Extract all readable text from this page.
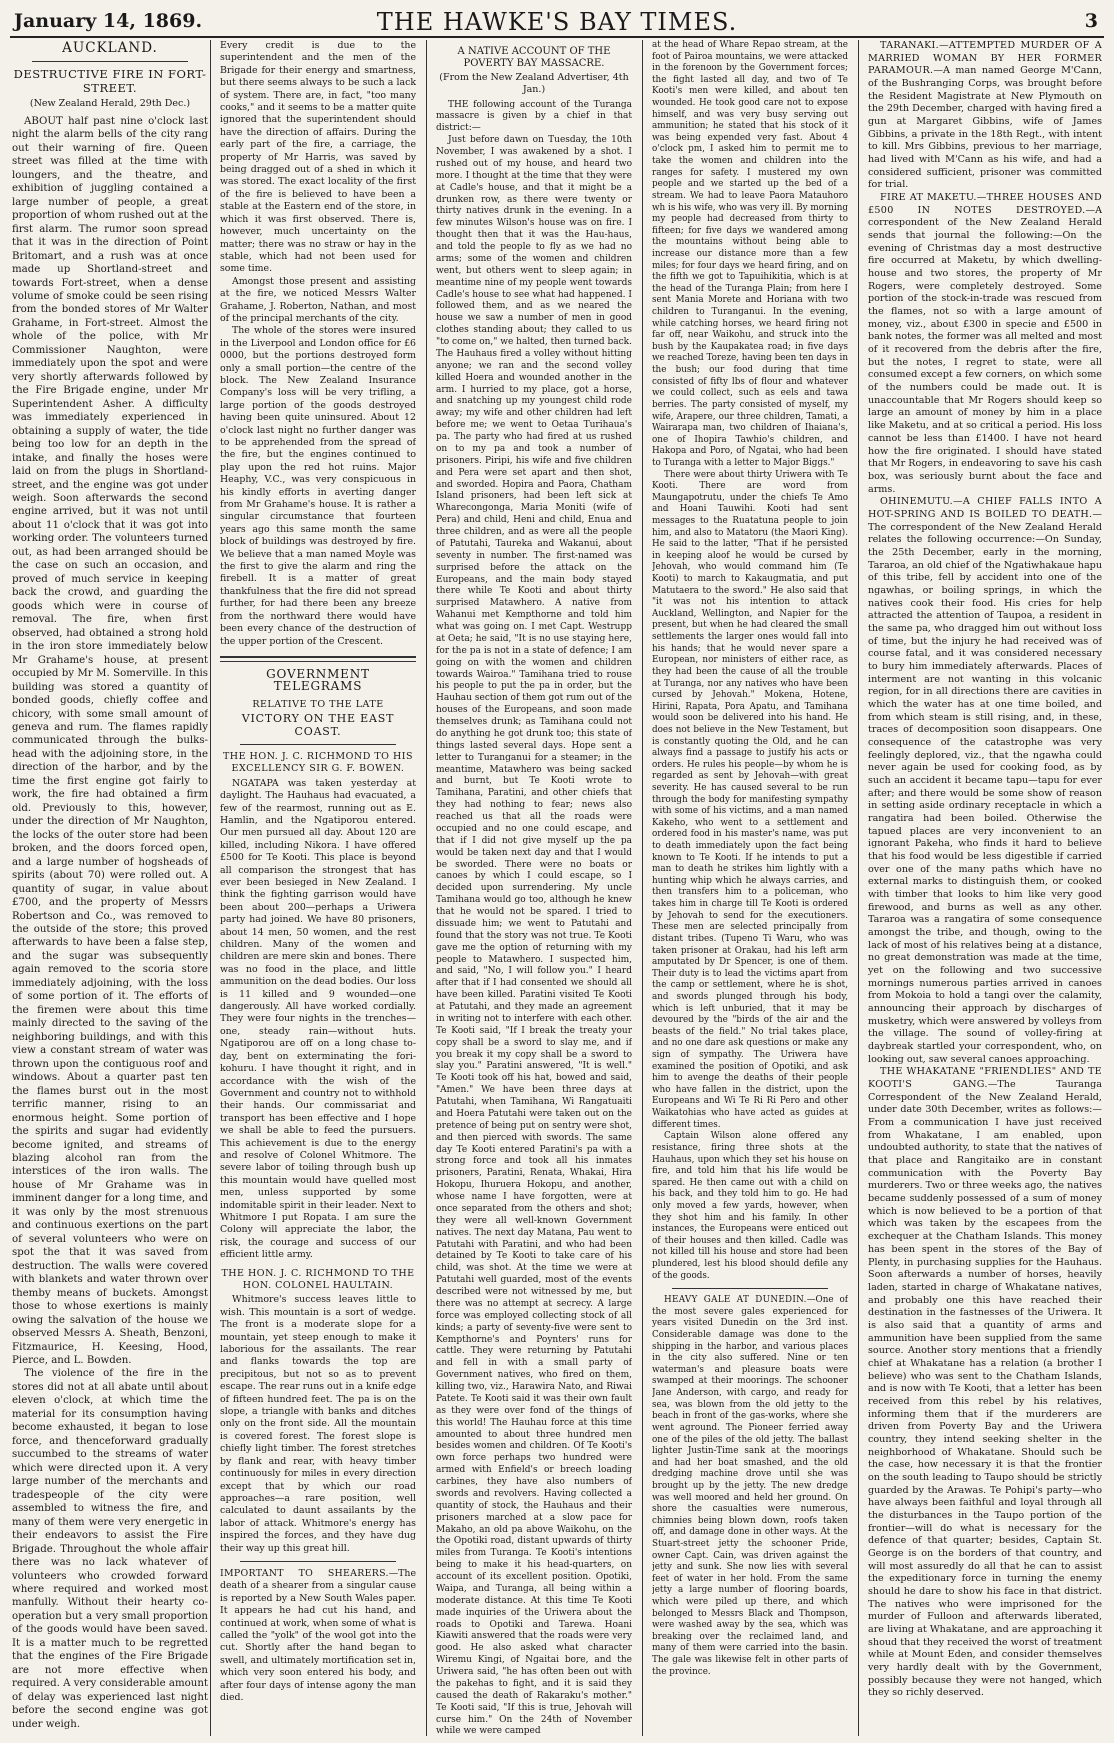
January 14, 1869.	THE HAWKE'S BAY TIMES.	3
AUCKLAND.
DESTRUCTIVE FIRE IN FORT-STREET.
(New Zealand Herald, 29th Dec.)

ABOUT half past nine o'clock last night the alarm bells of the city rang out their warning of fire. Queen street was filled at the time with loungers, and the theatre, and exhibition of juggling contained a large number of people, a great proportion of whom rushed out at the first alarm. The rumor soon spread that it was in the direction of Point Britomart, and a rush was at once made up Shortland-street and towards Fort-street, when a dense volume of smoke could be seen rising from the bonded stores of Mr Walter Grahame, in Fort-street. Almost the whole of the police, with Mr Commissioner Naughton, were immediately upon the spot and were very shortly afterwards followed by the Fire Brigade engine, under Mr Superintendent Asher. A difficulty was immediately experienced in obtaining a supply of water, the tide being too low for an depth in the intake, and finally the hoses were laid on from the plugs in Shortland-street, and the engine was got under weigh. Soon afterwards the second engine arrived, but it was not until about 11 o'clock that it was got into working order. The volunteers turned out, as had been arranged should be the case on such an occasion, and proved of much service in keeping back the crowd, and guarding the goods which were in course of removal. The fire, when first observed, had obtained a strong hold in the iron store immediately below Mr Grahame's house, at present occupied by Mr M. Somerville. In this building was stored a quantity of bonded goods, chiefly coffee and chicory, with some small amount of geneva and rum. The flames rapidly communicated through the bulks-head with the adjoining store, in the direction of the harbor, and by the time the first engine got fairly to work, the fire had obtained a firm old. Previously to this, however, under the direction of Mr Naughton, the locks of the outer store had been broken, and the doors forced open, and a large number of hogsheads of spirits (about 70) were rolled out. A quantity of sugar, in value about £700, and the property of Messrs Robertson and Co., was removed to the outside of the store; this proved afterwards to have been a false step, and the sugar was subsequently again removed to the scoria store immediately adjoining, with the loss of some portion of it. The efforts of the firemen were about this time mainly directed to the saving of the neighboring buildings, and with this view a constant stream of water was thrown upon the contiguous roof and windows. About a quarter past ten the flames burst out in the most terrific manner, rising to an enormous height. Some portion of the spirits and sugar had evidently become ignited, and streams of blazing alcohol ran from the interstices of the iron walls. The house of Mr Grahame was in imminent danger for a long time, and it was only by the most strenuous and continuous exertions on the part of several volunteers who were on spot the that it was saved from destruction. The walls were covered with blankets and water thrown over themby means of buckets. Amongst those to whose exertions is mainly owing the salvation of the house we observed Messrs A. Sheath, Benzoni, Fitzmaurice, H. Keesing, Hood, Pierce, and L. Bowden.

The violence of the fire in the stores did not at all abate until about eleven o'clock, at which time the material for its consumption having become exhausted, it began to lose force, and thenceforward gradually succumbed to the streams of water which were directed upon it. A very large number of the merchants and tradespeople of the city were assembled to witness the fire, and many of them were very energetic in their endeavors to assist the Fire Brigade. Throughout the whole affair there was no lack whatever of volunteers who crowded forward where required and worked most manfully. Without their hearty co-operation but a very small proportion of the goods would have been saved. It is a matter much to be regretted that the engines of the Fire Brigade are not more effective when required. A very considerable amount of delay was experienced last night before the second engine was got under weigh.

Every credit is due to the superintendent and the men of the Brigade for their energy and smartness, but there seems always to be such a lack of system. There are, in fact, "too many cooks," and it seems to be a matter quite ignored that the superintendent should have the direction of affairs. During the early part of the fire, a carriage, the property of Mr Harris, was saved by being dragged out of a shed in which it was stored. The exact locality of the first of the fire is believed to have been a stable at the Eastern end of the store, in which it was first observed. There is, however, much uncertainty on the matter; there was no straw or hay in the stable, which had not been used for some time.

Amongst those present and assisting at the fire, we noticed Messrs Walter Grahame, J. Roberton, Nathan, and most of the principal merchants of the city.

The whole of the stores were insured in the Liverpool and London office for £6 0000, but the portions destroyed form only a small portion—the centre of the block. The New Zealand Insurance Company's loss will be very trifling, a large portion of the goods destroyed having been quite uninsured. About 12 o'clock last night no further danger was to be apprehended from the spread of the fire, but the engines continued to play upon the red hot ruins. Major Heaphy, V.C., was very conspicuous in his kindly efforts in averting danger from Mr Grahame's house. It is rather a singular circumstance that fourteen years ago this same month the same block of buildings was destroyed by fire. We believe that a man named Moyle was the first to give the alarm and ring the firebell. It is a matter of great thankfulness that the fire did not spread further, for had there been any breeze from the northward there would have been every chance of the destruction of the upper portion of the Crescent.

GOVERNMENT TELEGRAMS
RELATIVE TO THE LATE
VICTORY ON THE EAST COAST.
THE HON. J. C. RICHMOND TO HIS EXCELLENCY SIR G. F. BOWEN.

NGATAPA was taken yesterday at daylight. The Hauhaus had evacuated, a few of the rearmost, running out as E. Hamlin, and the Ngatiporou entered. Our men pursued all day. About 120 are killed, including Nikora. I have offered £500 for Te Kooti. This place is beyond all comparison the strongest that has ever been besieged in New Zealand. I think the fighting garrison would have been about 200—perhaps a Uriwera party had joined. We have 80 prisoners, about 14 men, 50 women, and the rest children. Many of the women and children are mere skin and bones. There was no food in the place, and little ammunition on the dead bodies. Our loss is 11 killed and 9 wounded—one dangerously. All have worked cordially. They were four nights in the trenches—one, steady rain—without huts. Ngatiporou are off on a long chase to-day, bent on exterminating the fori-kohuru. I have thought it right, and in accordance with the wish of the Government and country not to withhold their hands. Our commissariat and transport has been effective and I hope we shall be able to feed the pursuers. This achievement is due to the energy and resolve of Colonel Whitmore. The severe labor of toiling through bush up this mountain would have quelled most men, unless supported by some indomitable spirit in their leader. Next to Whitmore I put Ropata. I am sure the Colony will appreciate the labor, the risk, the courage and success of our efficient little army.

THE HON. J. C. RICHMOND TO THE HON. COLONEL HAULTAIN.

Whitmore's success leaves little to wish. This mountain is a sort of wedge. The front is a moderate slope for a mountain, yet steep enough to make it laborious for the assailants. The rear and flanks towards the top are precipitous, but not so as to prevent escape. The rear runs out in a knife edge of fifteen hundred feet. The pa is on the slope, a triangle with banks and ditches only on the front side. All the mountain is covered forest. The forest slope is chiefly light timber. The forest stretches by flank and rear, with heavy timber continuously for miles in every direction except that by which our road approaches—a rare position, well calculated to daunt assailants by the labor of attack. Whitmore's energy has inspired the forces, and they have dug their way up this great hill.

IMPORTANT TO SHEARERS.—The death of a shearer from a singular cause is reported by a New South Wales paper. It appears he had cut his hand, and continued at work, when some of what is called the "yolk" of the wool got into the cut. Shortly after the hand began to swell, and ultimately mortification set in, which very soon entered his body, and after four days of intense agony the man died.

A NATIVE ACCOUNT OF THE POVERTY BAY MASSACRE.
(From the New Zealand Advertiser, 4th Jan.)

THE following account of the Turanga massacre is given by a chief in that district:—

Just before dawn on Tuesday, the 10th November, I was awakened by a shot. I rushed out of my house, and heard two more. I thought at the time that they were at Cadle's house, and that it might be a drunken row, as there were twenty or thirty natives drunk in the evening. In a few minutes Wilson's house was on fire. I thought then that it was the Hau-haus, and told the people to fly as we had no arms; some of the women and children went, but others went to sleep again; in meantime nine of my people went towards Cadle's house to see what had happened. I followed them, and as we neared the house we saw a number of men in good clothes standing about; they called to us "to come on," we halted, then turned back. The Hauhaus fired a volley without hitting anyone; we ran and the second volley killed Hoera and wounded another in the arm. I hurried to my place, got a horse, and snatching up my youngest child rode away; my wife and other children had left before me; we went to Oetaa Turihaua's pa. The party who had fired at us rushed on to my pa and took a number of prisoners. Piripi, his wife and five children and Pera were set apart and then shot, and sworded. Hopira and Paora, Chatham Island prisoners, had been left sick at Wharecongonga, Maria Moniti (wife of Pera) and child, Heni and child, Enua and three children, and as were all the people of Patutahi, Taureka and Wakanui, about seventy in number. The first-named was surprised before the attack on the Europeans, and the main body stayed there while Te Kooti and about thirty surprised Matawhero. A native from Wahanui met Kempthorne and told him what was going on. I met Capt. Westrupp at Oeta; he said, "It is no use staying here, for the pa is not in a state of defence; I am going on with the women and children towards Wairoa." Tamihana tried to rouse his people to put the pa in order, but the Hauhau section of them got rum out of the houses of the Europeans, and soon made themselves drunk; as Tamihana could not do anything he got drunk too; this state of things lasted several days. Hope sent a letter to Turanganui for a steamer; in the meantime, Matawhero was being sacked and burnt, but Te Kooti wrote to Tamihana, Paratini, and other chiefs that they had nothing to fear; news also reached us that all the roads were occupied and no one could escape, and that if I did not give myself up the pa would be taken next day and that I would be sworded. There were no boats or canoes by which I could escape, so I decided upon surrendering. My uncle Tamihana would go too, although he knew that he would not be spared. I tried to dissuade him; we went to Patutahi and found that the story was not true. Te Kooti gave me the option of returning with my people to Matawhero. I suspected him, and said, "No, I will follow you." I heard after that if I had consented we should all have been killed. Paratini visited Te Kooti at Patutahi, and they made an agreement in writing not to interfere with each other. Te Kooti said, "If I break the treaty your copy shall be a sword to slay me, and if you break it my copy shall be a sword to slay you." Paratini answered, "It is well." Te Kooti took off his hat, bowed and said, "Amen." We have been three days at Patutahi, when Tamihana, Wi Rangatuaiti and Hoera Patutahi were taken out on the pretence of being put on sentry were shot, and then pierced with swords. The same day Te Kooti entered Paratini's pa with a strong force and took all his inmates prisoners, Paratini, Renata, Whakai, Hira Hokopu, Ihuruera Hokopu, and another, whose name I have forgotten, were at once separated from the others and shot; they were all well-known Government natives. The next day Matana, Pau went to Patutahi with Paratini, and who had been detained by Te Kooti to take care of his child, was shot. At the time we were at Patutahi well guarded, most of the events described were not witnessed by me, but there was no attempt at secrecy. A large force was employed collecting stock of all kinds; a party of seventy-five were sent to Kempthorne's and Poynters' runs for cattle. They were returning by Patutahi and fell in with a small party of Government natives, who fired on them, killing two, viz., Harawira Nato, and Riwai Patete. Te Kooti said it was their own fault as they were over fond of the things of this world! The Hauhau force at this time amounted to about three hundred men besides women and children. Of Te Kooti's own force perhaps two hundred were armed with Enfield's or breech loading carbines, they have also numbers of swords and revolvers. Having collected a quantity of stock, the Hauhaus and their prisoners marched at a slow pace for Makaho, an old pa above Waikohu, on the the Opotiki road, distant upwards of thirty miles from Turanga. Te Kooti's intentions being to make it his head-quarters, on account of its excellent position. Opotiki, Waipa, and Turanga, all being within a moderate distance. At this time Te Kooti made inquiries of the Uriwera about the roads to Opotiki and Tarewa. Hoani Kiawiti answered that the roads were very good. He also asked what character Wiremu Kingi, of Ngaitai bore, and the Uriwera said, "he has often been out with the pakehas to fight, and it is said they caused the death of Rakaraku's mother." Te Kooti said, "If this is true, Jehovah will curse him." On the 24th of November while we were camped

at the head of Whare Repao stream, at the foot of Pairoa mountains, we were attacked in the forenoon by the Government forces; the fight lasted all day, and two of Te Kooti's men were killed, and about ten wounded. He took good care not to expose himself, and was very busy serving out ammunition; he stated that his stock of it was being expended very fast. About 4 o'clock pm, I asked him to permit me to take the women and children into the ranges for safety. I mustered my own people and we started up the bed of a stream. We had to leave Paora Matauhoro wh is his wife, who was very ill. By morning my people had decreased from thirty to fifteen; for five days we wandered among the mountains without being able to increase our distance more than a few miles; for four days we heard firing, and on the fifth we got to Tapuihikitia, which is at the head of the Turanga Plain; from here I sent Mania Morete and Horiana with two children to Turanganui. In the evening, while catching horses, we heard firing not far off, near Waikohu, and struck into the bush by the Kaupakatea road; in five days we reached Toreze, having been ten days in the bush; our food during that time consisted of fifty lbs of flour and whatever we could collect, such as eels and tawa berries. The party consisted of myself, my wife, Arapere, our three children, Tamati, a Wairarapa man, two children of Ihaiana's, one of Ihopira Tawhio's children, and Hakopa and Poro, of Ngatai, who had been to Turanga with a letter to Major Biggs."

There were about thirty Uriwera with Te Kooti. There are word from Maungapotrutu, under the chiefs Te Amo and Hoani Tauwihi. Kooti had sent messages to the Ruatatuna people to join him, and also to Matatoru (the Maori King). He said to the latter, "That if he persisted in keeping aloof he would be cursed by Jehovah, who would command him (Te Kooti) to march to Kakaugmatia, and put Matutaera to the sword." He also said that "it was not his intention to attack Auckland, Wellington, and Napier for the present, but when he had cleared the small settlements the larger ones would fall into his hands; that he would never spare a European, nor ministers of either race, as they had been the cause of all the trouble at Turanga, nor any natives who have been cursed by Jehovah." Mokena, Hotene, Hirini, Rapata, Pora Apatu, and Tamihana would soon be delivered into his hand. He does not believe in the New Testament, but is constantly quoting the Old, and he can always find a passage to justify his acts or orders. He rules his people—by whom he is regarded as sent by Jehovah—with great severity. He has caused several to be run through the body for manifesting sympathy with some of his victims, and a man named Kakeho, who went to a settlement and ordered food in his master's name, was put to death immediately upon the fact being known to Te Kooti. If he intends to put a man to death he strikes him lightly with a hunting whip which he always carries, and then transfers him to a policeman, who takes him in charge till Te Kooti is ordered by Jehovah to send for the executioners. These men are selected principally from distant tribes. (Tupeno Ti Waru, who was taken prisoner at Orakau, had his left arm amputated by Dr Spencer, is one of them. Their duty is to lead the victims apart from the camp or settlement, where he is shot, and swords plunged through his body, which is left unburied, that it may be devoured by the "birds of the air and the beasts of the field." No trial takes place, and no one dare ask questions or make any sign of sympathy. The Uriwera have examined the position of Opotiki, and ask him to avenge the deaths of their people who have fallen in the district, upon the Europeans and Wi Te Ri Ri Pero and other Waikatohias who have acted as guides at different times.

Captain Wilson alone offered any resistance, firing three shots at the Hauhaus, upon which they set his house on fire, and told him that his life would be spared. He then came out with a child on his back, and they told him to go. He had only moved a few yards, however, when they shot him and his family. In other instances, the Europeans were enticed out of their houses and then killed. Cadle was not killed till his house and store had been plundered, lest his blood should defile any of the goods.

HEAVY GALE AT DUNEDIN.—One of the most severe gales experienced for years visited Dunedin on the 3rd inst. Considerable damage was done to the shipping in the harbor, and various places in the city also suffered. Nine or ten waterman's and pleasure boats were swamped at their moorings. The schooner Jane Anderson, with cargo, and ready for sea, was blown from the old jetty to the beach in front of the gas-works, where she went aground. The Pioneer ferried away one of the piles of the old jetty. The ballast lighter Justin-Time sank at the moorings and had her boat smashed, and the old dredging machine drove until she was brought up by the jetty. The new dredge was well moored and held her ground. On shore the casualties were numerous, chimnies being blown down, roofs taken off, and damage done in other ways. At the Stuart-street jetty the schooner Pride, owner Capt. Cain, was driven against the jetty and sunk. She now lies with several feet of water in her hold. From the same jetty a large number of flooring boards, which were piled up there, and which belonged to Messrs Black and Thompson, were washed away by the sea, which was breaking over the reclaimed land, and many of them were carried into the basin. The gale was likewise felt in other parts of the province.

TARANAKI.—ATTEMPTED MURDER OF A MARRIED WOMAN BY HER FORMER PARAMOUR.—A man named George M'Cann, of the Bushranging Corps, was brought before the Resident Magistrate at New Plymouth on the 29th December, charged with having fired a gun at Margaret Gibbins, wife of James Gibbins, a private in the 18th Regt., with intent to kill. Mrs Gibbins, previous to her marriage, had lived with M'Cann as his wife, and had a considered sufficient, prisoner was committed for trial.

FIRE AT MAKETU.—THREE HOUSES AND £500 IN NOTES DESTROYED.—A correspondent of the New Zealand Herald sends that journal the following:—On the evening of Christmas day a most destructive fire occurred at Maketu, by which dwelling-house and two stores, the property of Mr Rogers, were completely destroyed. Some portion of the stock-in-trade was rescued from the flames, not so with a large amount of money, viz., about £300 in specie and £500 in bank notes, the former was all melted and most of it recovered from the debris after the fire, but the notes, I regret to state, were all consumed except a few corners, on which some of the numbers could be made out. It is unaccountable that Mr Rogers should keep so large an amount of money by him in a place like Maketu, and at so critical a period. His loss cannot be less than £1400. I have not heard how the fire originated. I should have stated that Mr Rogers, in endeavoring to save his cash box, was seriously burnt about the face and arms.

OHINEMUTU.—A CHIEF FALLS INTO A HOT-SPRING AND IS BOILED TO DEATH.—The correspondent of the New Zealand Herald relates the following occurrence:—On Sunday, the 25th December, early in the morning, Tararoa, an old chief of the Ngatiwhakaue hapu of this tribe, fell by accident into one of the ngawhas, or boiling springs, in which the natives cook their food. His cries for help attracted the attention of Taupoa, a resident in the same pa, who dragged him out without loss of time, but the injury he had received was of course fatal, and it was considered necessary to bury him immediately afterwards. Places of interment are not wanting in this volcanic region, for in all directions there are cavities in which the water has at one time boiled, and from which steam is still rising, and, in these, traces of decomposition soon disappears. One consequence of the catastrophe was very feelingly deplored, viz., that the ngawha could never again be used for cooking food, as by such an accident it became tapu—tapu for ever after; and there would be some show of reason in setting aside ordinary receptacle in which a rangatira had been boiled. Otherwise the tapued places are very inconvenient to an ignorant Pakeha, who finds it hard to believe that his food would be less digestible if carried over one of the many paths which have no external marks to distinguish them, or cooked with timber that looks to him like very good firewood, and burns as well as any other. Tararoa was a rangatira of some consequence amongst the tribe, and though, owing to the lack of most of his relatives being at a distance, no great demonstration was made at the time, yet on the following and two successive mornings numerous parties arrived in canoes from Mokoia to hold a tangi over the calamity, announcing their approach by discharges of musketry, which were answered by volleys from the village. The sound of volley-firing at daybreak startled your correspondent, who, on looking out, saw several canoes approaching.

THE WHAKATANE "FRIENDLIES" AND TE KOOTI'S GANG.—The Tauranga Correspondent of the New Zealand Herald, under date 30th December, writes as follows:—From a communication I have just received from Whakatane, I am enabled, upon undoubted authority, to state that the natives of that place and Rangitaiko are in constant communication with the Poverty Bay murderers. Two or three weeks ago, the natives became suddenly possessed of a sum of money which is now believed to be a portion of that which was taken by the escapees from the exchequer at the Chatham Islands. This money has been spent in the stores of the Bay of Plenty, in purchasing supplies for the Hauhaus. Soon afterwards a number of horses, heavily laden, started in charge of Whakatane natives, and probably one this have reached their destination in the fastnesses of the Uriwera. It is also said that a quantity of arms and ammunition have been supplied from the same source. Another story mentions that a friendly chief at Whakatane has a relation (a brother I believe) who was sent to the Chatham Islands, and is now with Te Kooti, that a letter has been received from this rebel by his relatives, informing them that if the murderers are driven from Poverty Bay and the Uriwera country, they intend seeking shelter in the neighborhood of Whakatane. Should such be the case, how necessary it is that the frontier on the south leading to Taupo should be strictly guarded by the Arawas. Te Pohipi's party—who have always been faithful and loyal through all the disturbances in the Taupo portion of the frontier—will do what is necessary for the defence of that quarter; besides, Captain St. George is on the borders of that country, and will most assuredly do all that he can to assist the expeditionary force in turning the enemy should he dare to show his face in that district. The natives who were imprisoned for the murder of Fulloon and afterwards liberated, are living at Whakatane, and are approaching it shoud that they received the worst of treatment while at Mount Eden, and consider themselves very hardly dealt with by the Government, possibly because they were not hanged, which they so richly deserved.
